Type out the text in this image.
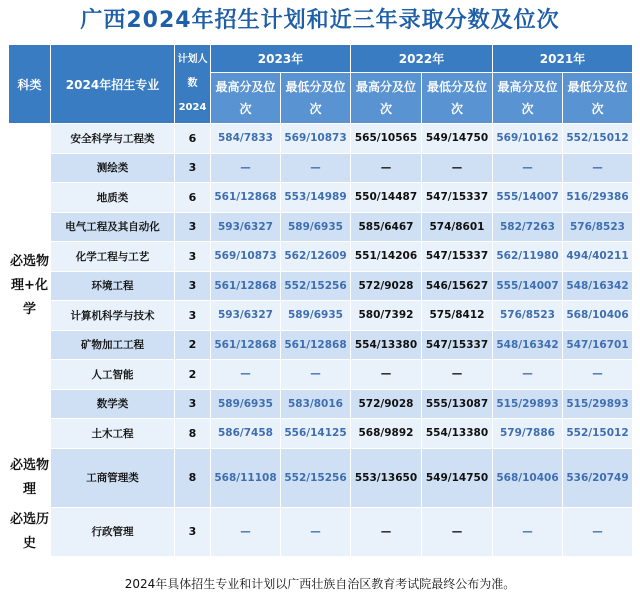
广西2024年招生计划和近三年录取分数及位次
科类	2024年招生专业	计划人数2024	2023年		2022年		2021年	
			最高分及位次	最低分及位次	最高分及位次	最低分及位次	最高分及位次	最低分及位次
必选物理+化学	安全科学与工程类	6	584/7833	569/10873	565/10565	549/14750	569/10162	552/15012
	测绘类	3	—	—	—	—	—	—
	地质类	6	561/12868	553/14989	550/14487	547/15337	555/14007	516/29386
	电气工程及其自动化	3	593/6327	589/6935	585/6467	574/8601	582/7263	576/8523
	化学工程与工艺	3	569/10873	562/12609	551/14206	547/15337	562/11980	494/40211
	环境工程	3	561/12868	552/15256	572/9028	546/15627	555/14007	548/16342
	计算机科学与技术	3	593/6327	589/6935	580/7392	575/8412	576/8523	568/10406
	矿物加工工程	2	561/12868	561/12868	554/13380	547/15337	548/16342	547/16701
	人工智能	2	—	—	—	—	—	—
	数学类	3	589/6935	583/8016	572/9028	555/13087	515/29893	515/29893
	土木工程	8	586/7458	556/14125	568/9892	554/13380	579/7886	552/15012
必选物理	工商管理类	8	568/11108	552/15256	553/13650	549/14750	568/10406	536/20749
必选历史	行政管理	3	—	—	—	—	—	—
2024年具体招生专业和计划以广西壮族自治区教育考试院最终公布为准。
